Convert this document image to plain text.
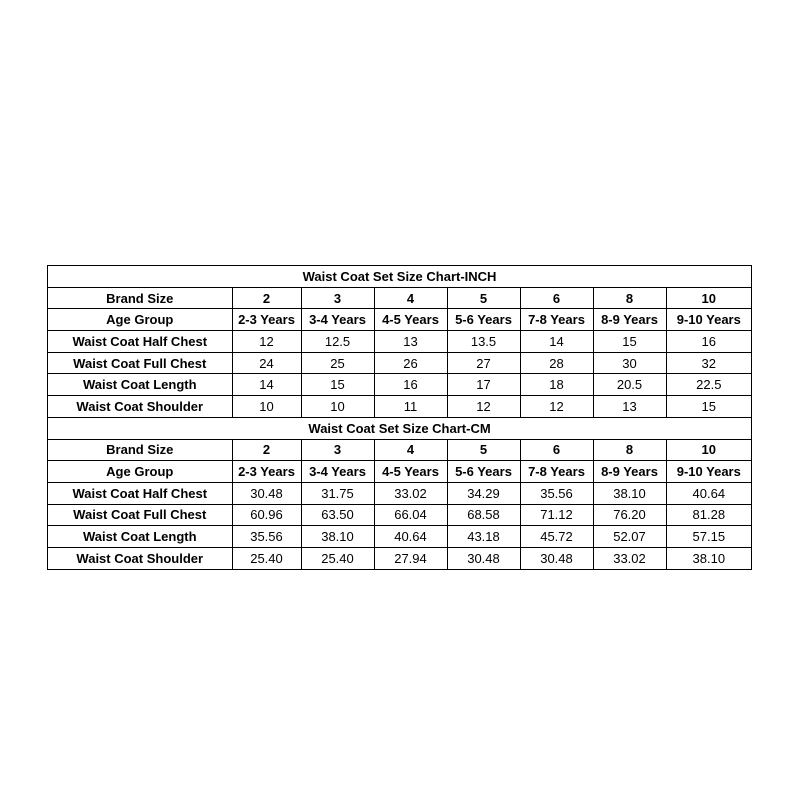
Waist Coat Set Size Chart-INCH							
Brand Size	2	3	4	5	6	8	10
Age Group	2-3 Years	3-4 Years	4-5 Years	5-6 Years	7-8 Years	8-9 Years	9-10 Years
Waist Coat Half Chest	12	12.5	13	13.5	14	15	16
Waist Coat Full Chest	24	25	26	27	28	30	32
Waist Coat Length	14	15	16	17	18	20.5	22.5
Waist Coat Shoulder	10	10	11	12	12	13	15
Waist Coat Set Size Chart-CM							
Brand Size	2	3	4	5	6	8	10
Age Group	2-3 Years	3-4 Years	4-5 Years	5-6 Years	7-8 Years	8-9 Years	9-10 Years
Waist Coat Half Chest	30.48	31.75	33.02	34.29	35.56	38.10	40.64
Waist Coat Full Chest	60.96	63.50	66.04	68.58	71.12	76.20	81.28
Waist Coat Length	35.56	38.10	40.64	43.18	45.72	52.07	57.15
Waist Coat Shoulder	25.40	25.40	27.94	30.48	30.48	33.02	38.10
